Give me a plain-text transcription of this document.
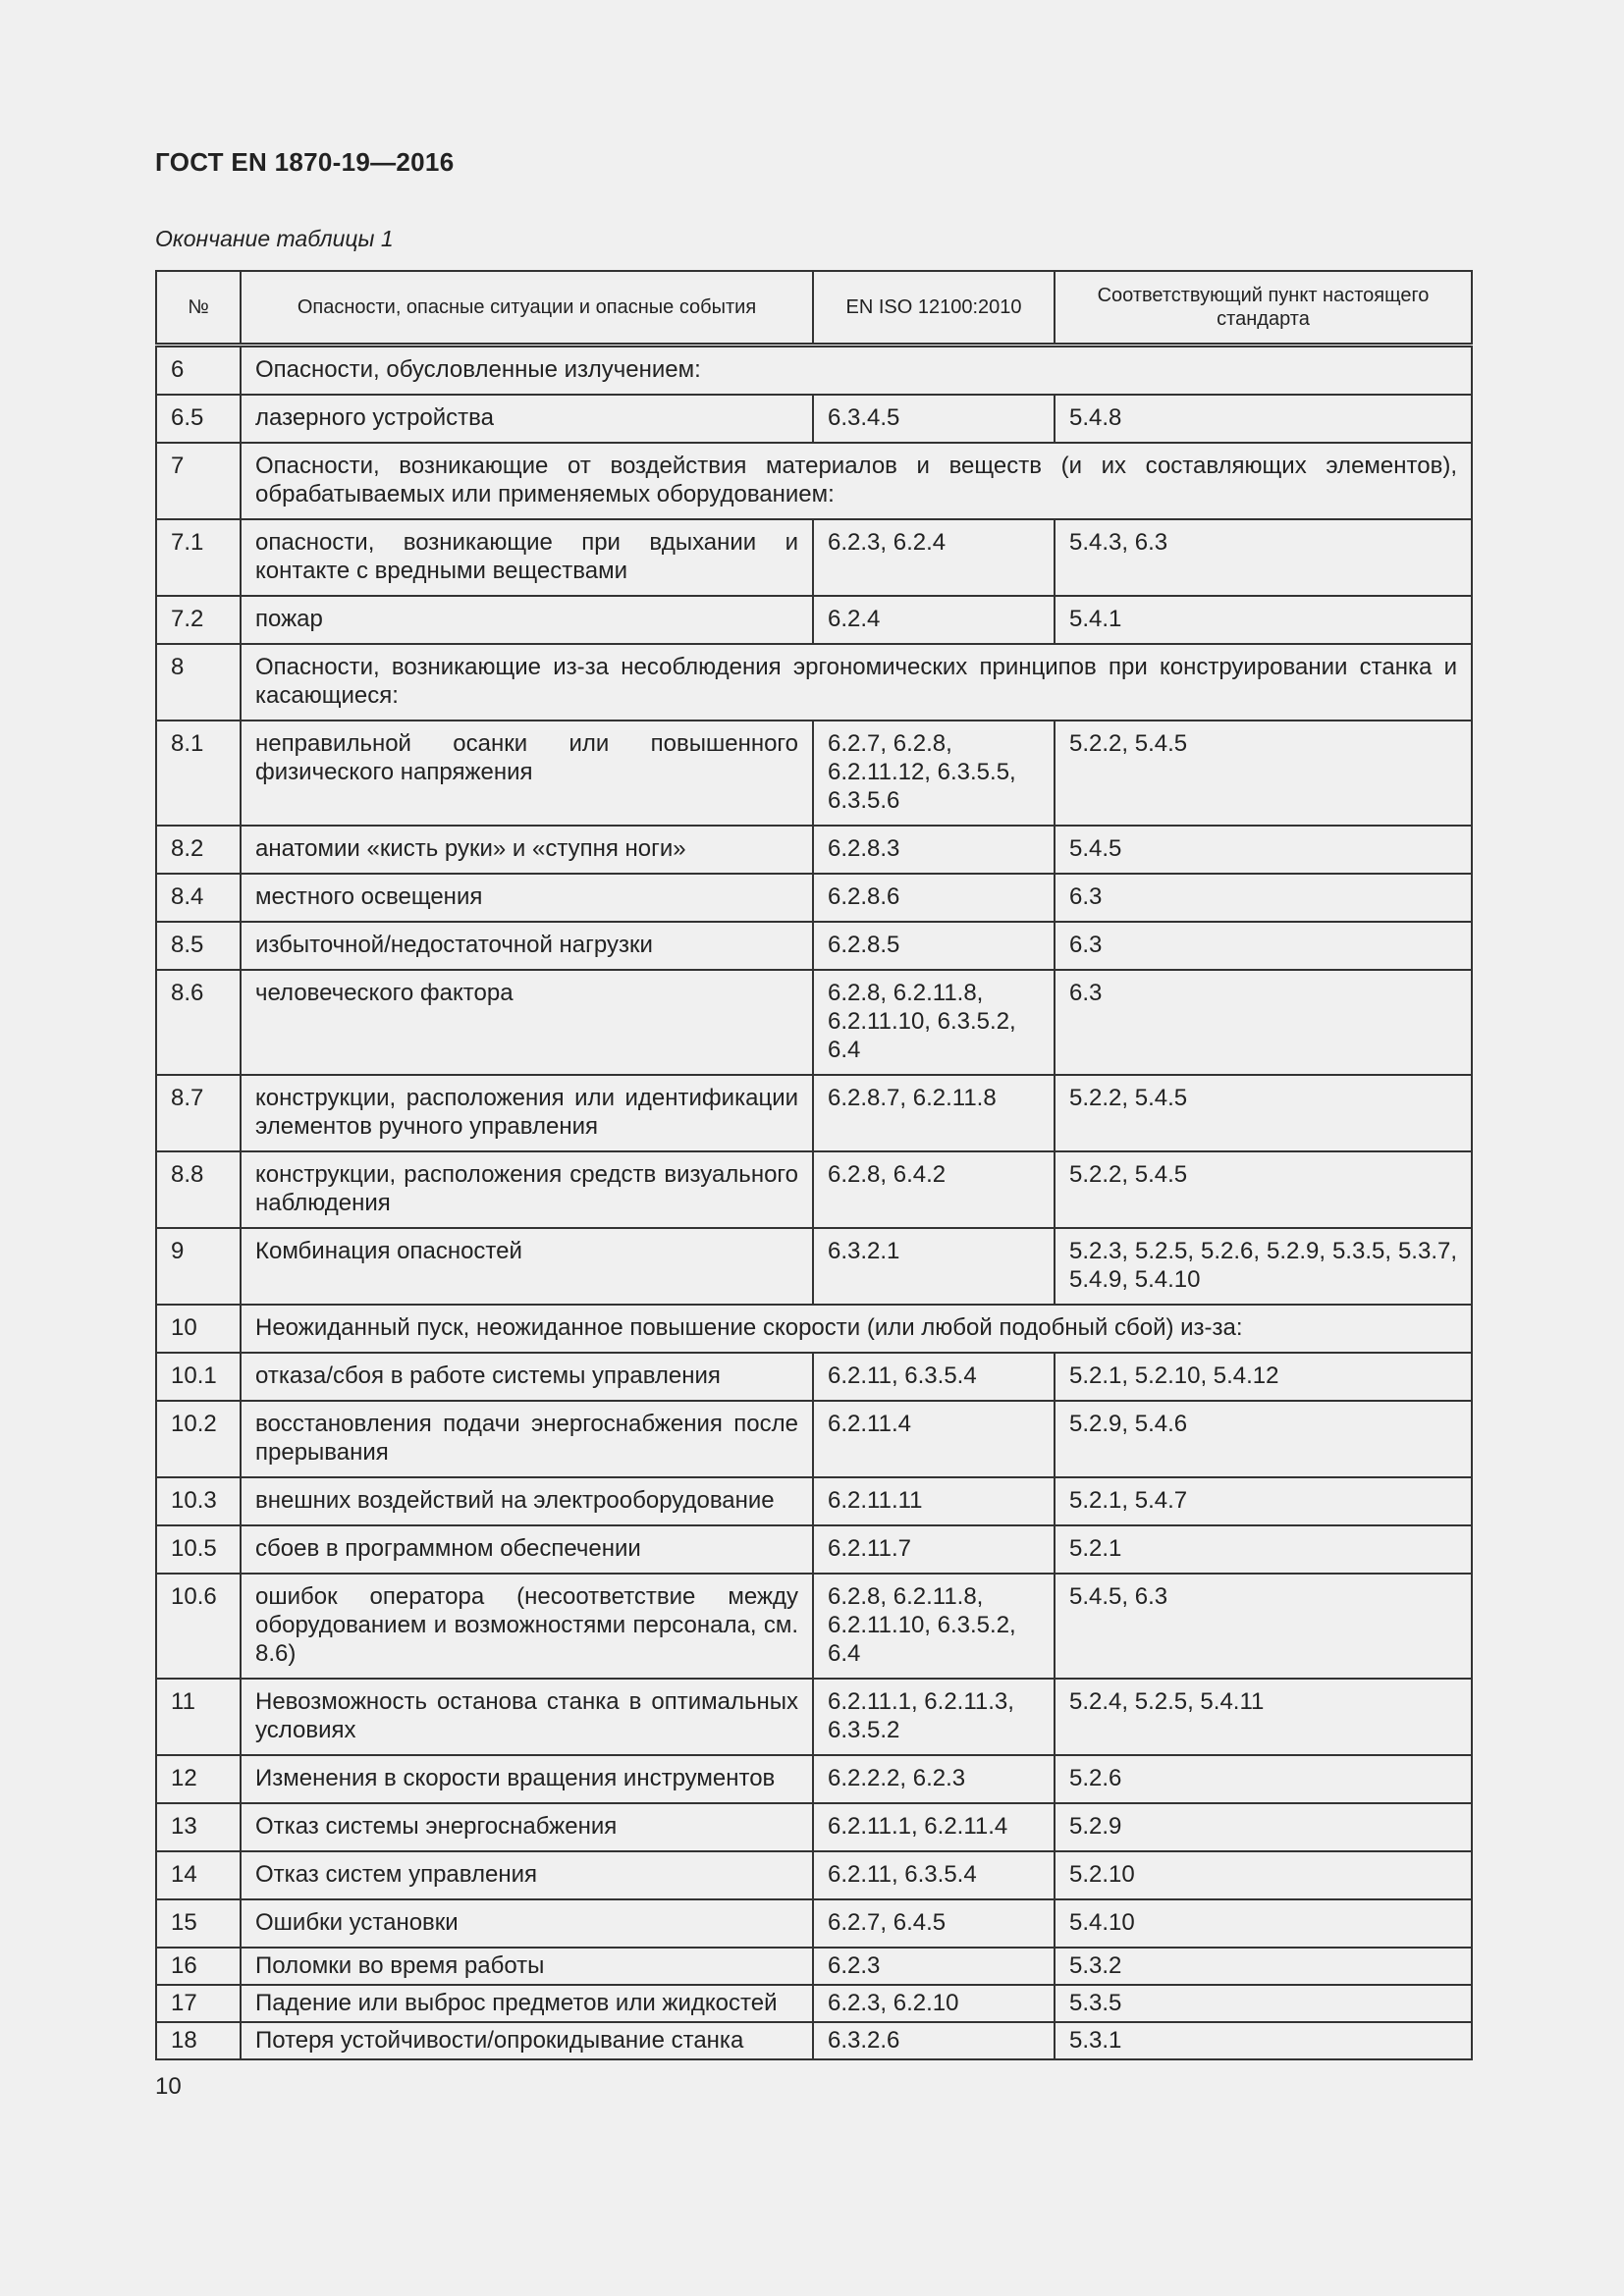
ГОСТ EN 1870-19—2016
Окончание таблицы 1
№	Опасности, опасные ситуации и опасные события	EN ISO 12100:2010	Соответствующий пункт настоящего стандарта
6	Опасности, обусловленные излучением:		
6.5	лазерного устройства	6.3.4.5	5.4.8
7	Опасности, возникающие от воздействия материалов и веществ (и их составляющих элементов), обрабатываемых или применяемых оборудованием:		
7.1	опасности, возникающие при вдыхании и контакте с вредными веществами	6.2.3, 6.2.4	5.4.3, 6.3
7.2	пожар	6.2.4	5.4.1
8	Опасности, возникающие из-за несоблюдения эргономических принципов при конструировании станка и касающиеся:		
8.1	неправильной осанки или повышенного физического напряжения	6.2.7, 6.2.8, 6.2.11.12, 6.3.5.5, 6.3.5.6	5.2.2, 5.4.5
8.2	анатомии «кисть руки» и «ступня ноги»	6.2.8.3	5.4.5
8.4	местного освещения	6.2.8.6	6.3
8.5	избыточной/недостаточной нагрузки	6.2.8.5	6.3
8.6	человеческого фактора	6.2.8, 6.2.11.8, 6.2.11.10, 6.3.5.2, 6.4	6.3
8.7	конструкции, расположения или идентификации элементов ручного управления	6.2.8.7, 6.2.11.8	5.2.2, 5.4.5
8.8	конструкции, расположения средств визуального наблюдения	6.2.8, 6.4.2	5.2.2, 5.4.5
9	Комбинация опасностей	6.3.2.1	5.2.3, 5.2.5, 5.2.6, 5.2.9, 5.3.5, 5.3.7, 5.4.9, 5.4.10
10	Неожиданный пуск, неожиданное повышение скорости (или любой подобный сбой) из-за:		
10.1	отказа/сбоя в работе системы управления	6.2.11, 6.3.5.4	5.2.1, 5.2.10, 5.4.12
10.2	восстановления подачи энергоснабжения после прерывания	6.2.11.4	5.2.9, 5.4.6
10.3	внешних воздействий на электрооборудование	6.2.11.11	5.2.1, 5.4.7
10.5	сбоев в программном обеспечении	6.2.11.7	5.2.1
10.6	ошибок оператора (несоответствие между оборудованием и возможностями персонала, см. 8.6)	6.2.8, 6.2.11.8, 6.2.11.10, 6.3.5.2, 6.4	5.4.5, 6.3
11	Невозможность останова станка в оптимальных условиях	6.2.11.1, 6.2.11.3, 6.3.5.2	5.2.4, 5.2.5, 5.4.11
12	Изменения в скорости вращения инструментов	6.2.2.2, 6.2.3	5.2.6
13	Отказ системы энергоснабжения	6.2.11.1, 6.2.11.4	5.2.9
14	Отказ систем управления	6.2.11, 6.3.5.4	5.2.10
15	Ошибки установки	6.2.7, 6.4.5	5.4.10
16	Поломки во время работы	6.2.3	5.3.2
17	Падение или выброс предметов или жидкостей	6.2.3, 6.2.10	5.3.5
18	Потеря устойчивости/опрокидывание станка	6.3.2.6	5.3.1
10
